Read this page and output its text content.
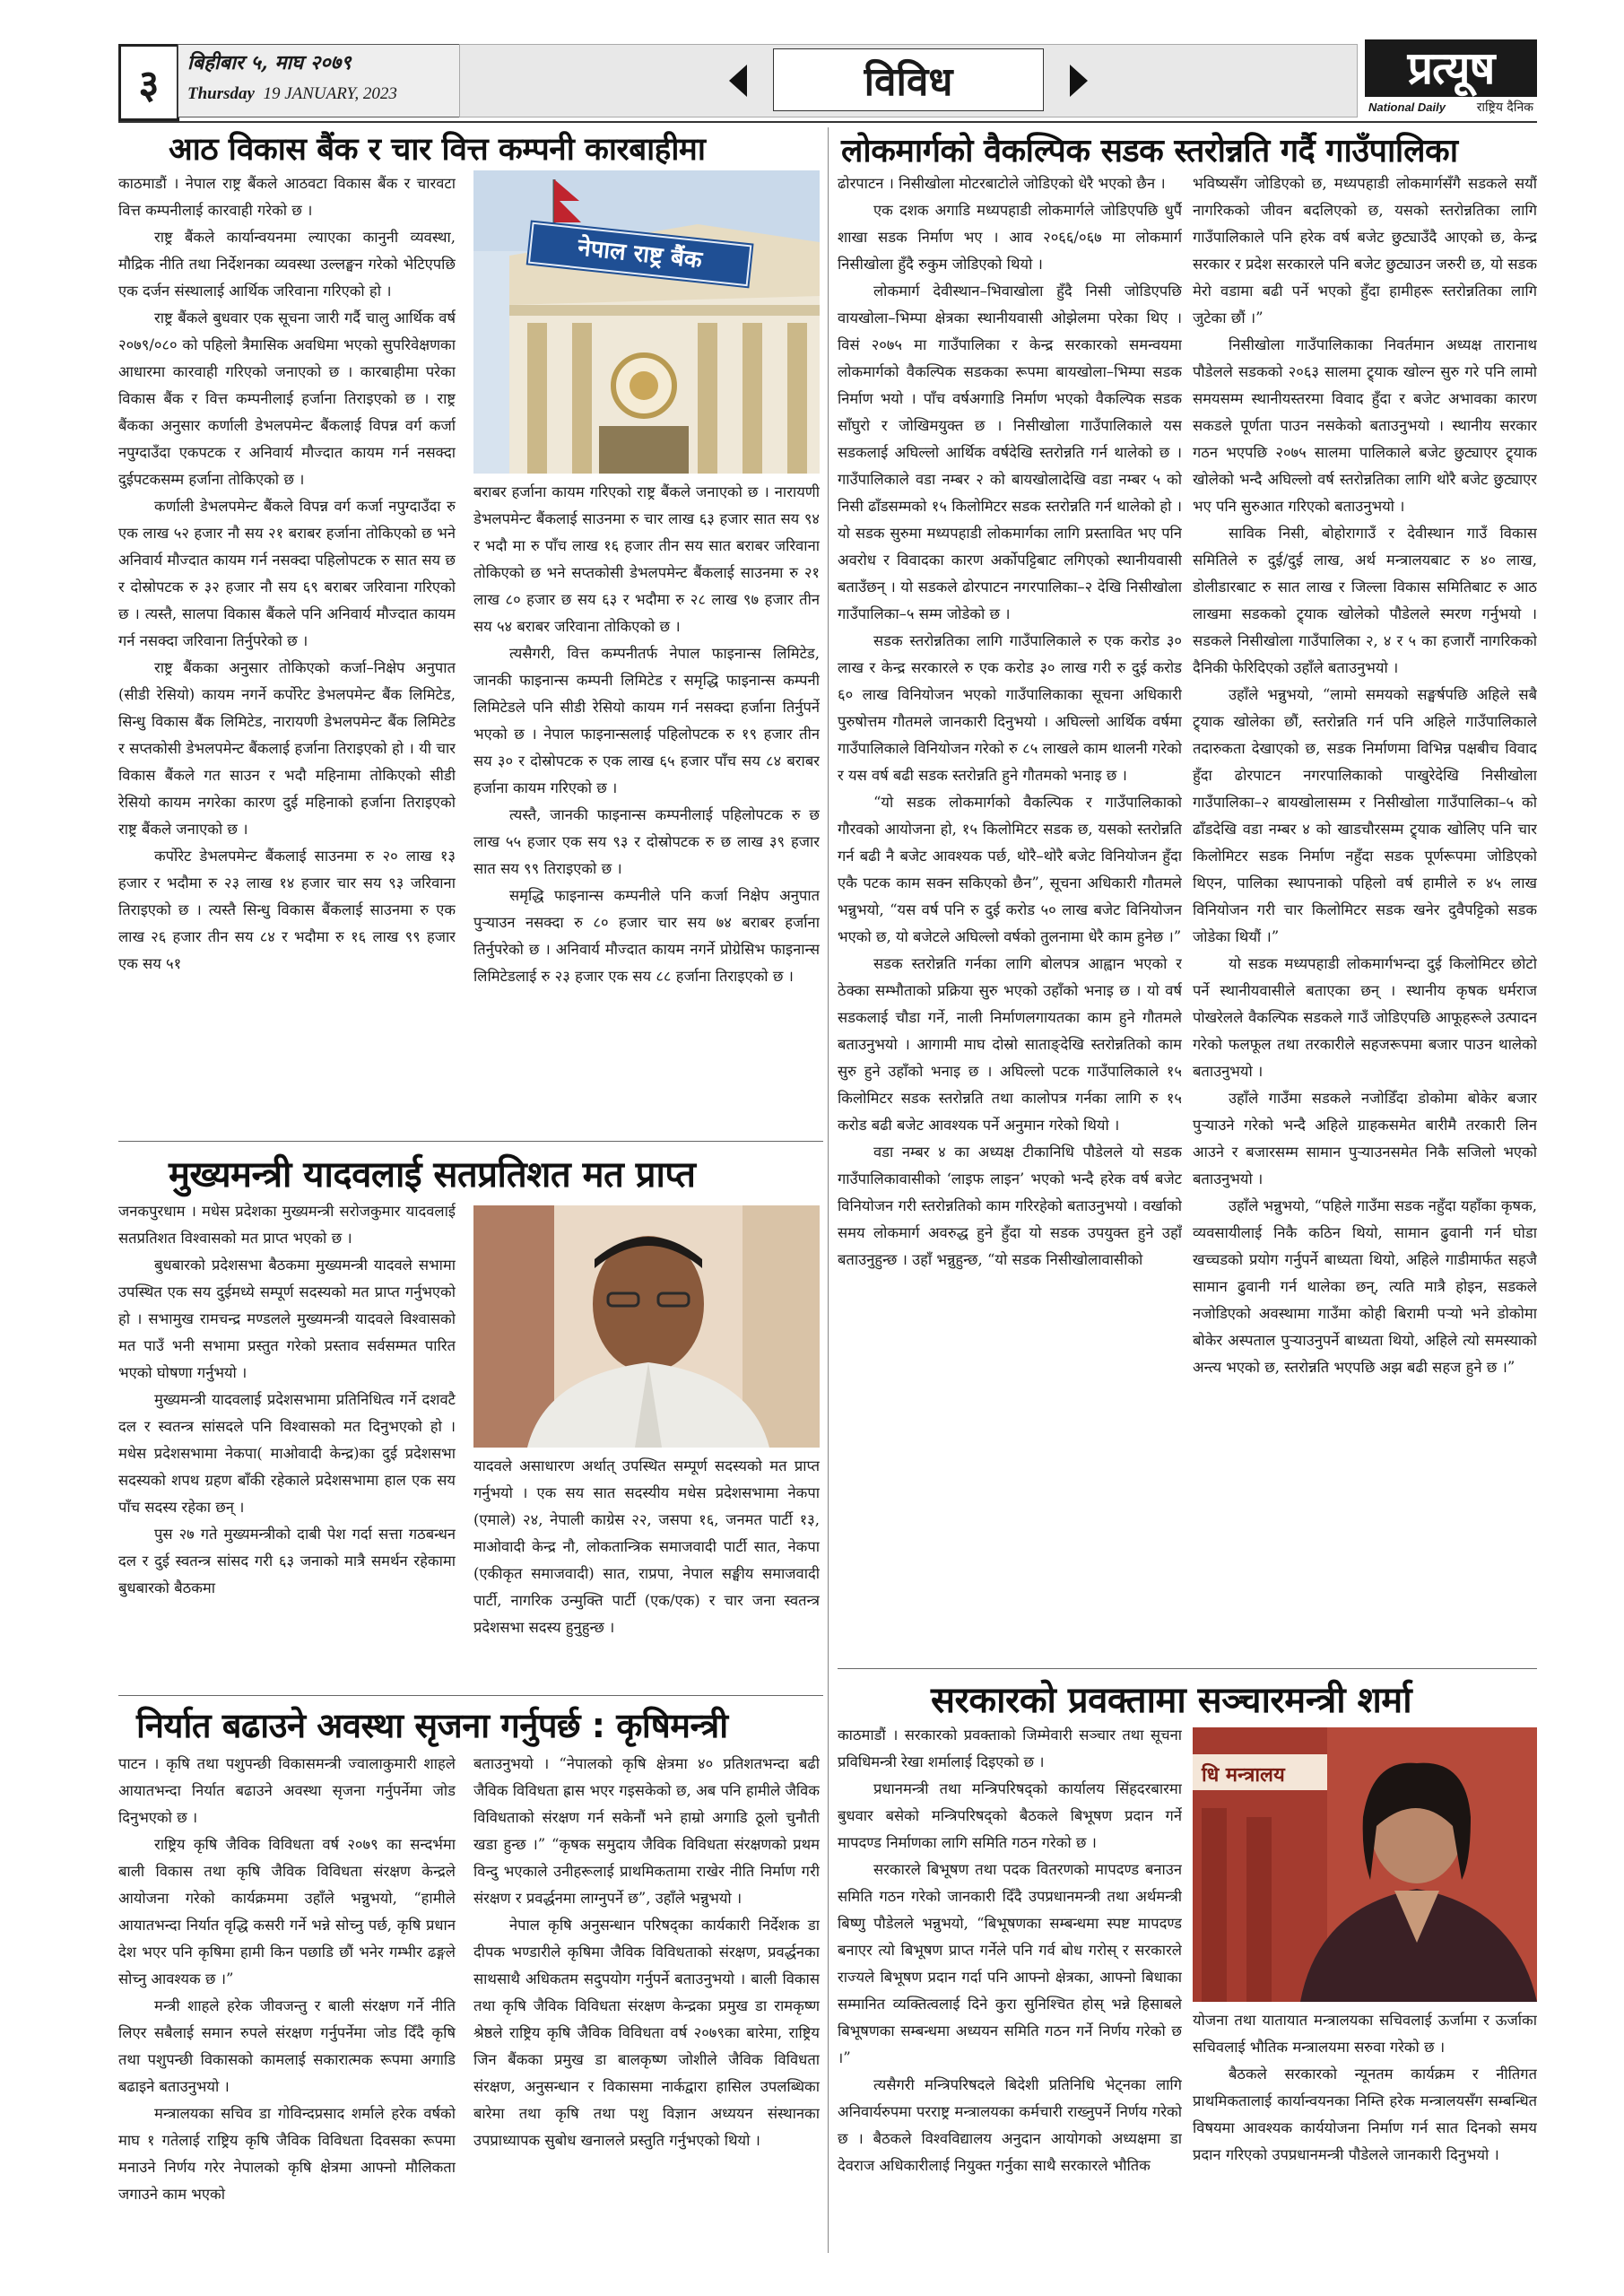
३	बिहीबार ५, माघ २०७९
Thursday 19 JANUARY, 2023	विविध	प्रत्यूष
National Daily राष्ट्रिय दैनिक
आठ विकास बैंक र चार वित्त कम्पनी कारबाहीमा

काठमाडौं । नेपाल राष्ट्र बैंकले आठवटा विकास बैंक र चारवटा वित्त कम्पनीलाई कारवाही गरेको छ ।

राष्ट्र बैंकले कार्यान्वयनमा ल्याएका कानुनी व्यवस्था, मौद्रिक नीति तथा निर्देशनका व्यवस्था उल्लङ्घन गरेको भेटिएपछि एक दर्जन संस्थालाई आर्थिक जरिवाना गरिएको हो ।

राष्ट्र बैंकले बुधवार एक सूचना जारी गर्दै चालु आर्थिक वर्ष २०७९/०८० को पहिलो त्रैमासिक अवधिमा भएको सुपरिवेक्षणका आधारमा कारवाही गरिएको जनाएको छ । कारबाहीमा परेका विकास बैंक र वित्त कम्पनीलाई हर्जाना तिराइएको छ । राष्ट्र बैंकका अनुसार कर्णाली डेभलपमेन्ट बैंकलाई विपन्न वर्ग कर्जा नपुग्दाउँदा एकपटक र अनिवार्य मौज्दात कायम गर्न नसक्दा दुईपटकसम्म हर्जाना तोकिएको छ ।

कर्णाली डेभलपमेन्ट बैंकले विपन्न वर्ग कर्जा नपुग्दाउँदा रु एक लाख ५२ हजार नौ सय २१ बराबर हर्जाना तोकिएको छ भने अनिवार्य मौज्दात कायम गर्न नसक्दा पहिलोपटक रु सात सय छ र दोस्रोपटक रु ३२ हजार नौ सय ६९ बराबर जरिवाना गरिएको छ । त्यस्तै, सालपा विकास बैंकले पनि अनिवार्य मौज्दात कायम गर्न नसक्दा जरिवाना तिर्नुपरेको छ ।

राष्ट्र बैंकका अनुसार तोकिएको कर्जा–निक्षेप अनुपात (सीडी रेसियो) कायम नगर्ने कर्पोरेट डेभलपमेन्ट बैंक लिमिटेड, सिन्धु विकास बैंक लिमिटेड, नारायणी डेभलपमेन्ट बैंक लिमिटेड र सप्तकोसी डेभलपमेन्ट बैंकलाई हर्जाना तिराइएको हो । यी चार विकास बैंकले गत साउन र भदौ महिनामा तोकिएको सीडी रेसियो कायम नगरेका कारण दुई महिनाको हर्जाना तिराइएको राष्ट्र बैंकले जनाएको छ ।

कर्पोरेट डेभलपमेन्ट बैंकलाई साउनमा रु २० लाख १३ हजार र भदौमा रु २३ लाख १४ हजार चार सय ९३ जरिवाना तिराइएको छ । त्यस्तै सिन्धु विकास बैंकलाई साउनमा रु एक लाख २६ हजार तीन सय ८४ र भदौमा रु १६ लाख ९९ हजार एक सय ५१

नेपाल राष्ट्र बैंक

बराबर हर्जाना कायम गरिएको राष्ट्र बैंकले जनाएको छ । नारायणी डेभलपमेन्ट बैंकलाई साउनमा रु चार लाख ६३ हजार सात सय ९४ र भदौ मा रु पाँच लाख १६ हजार तीन सय सात बराबर जरिवाना तोकिएको छ भने सप्तकोसी डेभलपमेन्ट बैंकलाई साउनमा रु २१ लाख ८० हजार छ सय ६३ र भदौमा रु २८ लाख ९७ हजार तीन सय ५४ बराबर जरिवाना तोकिएको छ ।

त्यसैगरी, वित्त कम्पनीतर्फ नेपाल फाइनान्स लिमिटेड, जानकी फाइनान्स कम्पनी लिमिटेड र समृद्धि फाइनान्स कम्पनी लिमिटेडले पनि सीडी रेसियो कायम गर्न नसक्दा हर्जाना तिर्नुपर्ने भएको छ । नेपाल फाइनान्सलाई पहिलोपटक रु १९ हजार तीन सय ३० र दोस्रोपटक रु एक लाख ६५ हजार पाँच सय ८४ बराबर हर्जाना कायम गरिएको छ ।

त्यस्तै, जानकी फाइनान्स कम्पनीलाई पहिलोपटक रु छ लाख ५५ हजार एक सय ९३ र दोस्रोपटक रु छ लाख ३९ हजार सात सय ९९ तिराइएको छ ।

समृद्धि फाइनान्स कम्पनीले पनि कर्जा निक्षेप अनुपात पुऱ्याउन नसक्दा रु ८० हजार चार सय ७४ बराबर हर्जाना तिर्नुपरेको छ । अनिवार्य मौज्दात कायम नगर्ने प्रोग्रेसिभ फाइनान्स लिमिटेडलाई रु २३ हजार एक सय ८८ हर्जाना तिराइएको छ ।

मुख्यमन्त्री यादवलाई सतप्रतिशत मत प्राप्त

जनकपुरधाम । मधेस प्रदेशका मुख्यमन्त्री सरोजकुमार यादवलाई सतप्रतिशत विश्वासको मत प्राप्त भएको छ ।

बुधबारको प्रदेशसभा बैठकमा मुख्यमन्त्री यादवले सभामा उपस्थित एक सय दुईमध्ये सम्पूर्ण सदस्यको मत प्राप्त गर्नुभएको हो । सभामुख रामचन्द्र मण्डलले मुख्यमन्त्री यादवले विश्वासको मत पाउँ भनी सभामा प्रस्तुत गरेको प्रस्ताव सर्वसम्मत पारित भएको घोषणा गर्नुभयो ।

मुख्यमन्त्री यादवलाई प्रदेशसभामा प्रतिनिधित्व गर्ने दशवटै दल र स्वतन्त्र सांसदले पनि विश्वासको मत दिनुभएको हो । मधेस प्रदेशसभामा नेकपा( माओवादी केन्द्र)का दुई प्रदेशसभा सदस्यको शपथ ग्रहण बाँकी रहेकाले प्रदेशसभामा हाल एक सय पाँच सदस्य रहेका छन् ।

पुस २७ गते मुख्यमन्त्रीको दाबी पेश गर्दा सत्ता गठबन्धन दल र दुई स्वतन्त्र सांसद गरी ६३ जनाको मात्रै समर्थन रहेकामा बुधबारको बैठकमा

यादवले असाधारण अर्थात् उपस्थित सम्पूर्ण सदस्यको मत प्राप्त गर्नुभयो । एक सय सात सदस्यीय मधेस प्रदेशसभामा नेकपा (एमाले) २४, नेपाली काग्रेस २२, जसपा १६, जनमत पार्टी १३, माओवादी केन्द्र नौ, लोकतान्त्रिक समाजवादी पार्टी सात, नेकपा (एकीकृत समाजवादी) सात, राप्रपा, नेपाल सङ्घीय समाजवादी पार्टी, नागरिक उन्मुक्ति पार्टी (एक/एक) र चार जना स्वतन्त्र प्रदेशसभा सदस्य हुनुहुन्छ ।

निर्यात बढाउने अवस्था सृजना गर्नुपर्छ : कृषिमन्त्री

पाटन । कृषि तथा पशुपन्छी विकासमन्त्री ज्वालाकुमारी शाहले आयातभन्दा निर्यात बढाउने अवस्था सृजना गर्नुपर्नेमा जोड दिनुभएको छ ।

राष्ट्रिय कृषि जैविक विविधता वर्ष २०७९ का सन्दर्भमा बाली विकास तथा कृषि जैविक विविधता संरक्षण केन्द्रले आयोजना गरेको कार्यक्रममा उहाँले भन्नुभयो, “हामीले आयातभन्दा निर्यात वृद्धि कसरी गर्ने भन्ने सोच्नु पर्छ, कृषि प्रधान देश भएर पनि कृषिमा हामी किन पछाडि छौं भनेर गम्भीर ढङ्गले सोच्नु आवश्यक छ ।”

मन्त्री शाहले हरेक जीवजन्तु र बाली संरक्षण गर्ने नीति लिएर सबैलाई समान रुपले संरक्षण गर्नुपर्नेमा जोड दिँदै कृषि तथा पशुपन्छी विकासको कामलाई सकारात्मक रूपमा अगाडि बढाइने बताउनुभयो ।

मन्त्रालयका सचिव डा गोविन्दप्रसाद शर्माले हरेक वर्षको माघ १ गतेलाई राष्ट्रिय कृषि जैविक विविधता दिवसका रूपमा मनाउने निर्णय गरेर नेपालको कृषि क्षेत्रमा आफ्नो मौलिकता जगाउने काम भएको

बताउनुभयो । “नेपालको कृषि क्षेत्रमा ४० प्रतिशतभन्दा बढी जैविक विविधता ह्रास भएर गइसकेको छ, अब पनि हामीले जैविक विविधताको संरक्षण गर्न सकेनौं भने हाम्रो अगाडि ठूलो चुनौती खडा हुन्छ ।” “कृषक समुदाय जैविक विविधता संरक्षणको प्रथम विन्दु भएकाले उनीहरूलाई प्राथमिकतामा राखेर नीति निर्माण गरी संरक्षण र प्रवर्द्धनमा लाग्नुपर्ने छ”, उहाँले भन्नुभयो ।

नेपाल कृषि अनुसन्धान परिषद्का कार्यकारी निर्देशक डा दीपक भण्डारीले कृषिमा जैविक विविधताको संरक्षण, प्रवर्द्धनका साथसाथै अधिकतम सदुपयोग गर्नुपर्ने बताउनुभयो । बाली विकास तथा कृषि जैविक विविधता संरक्षण केन्द्रका प्रमुख डा रामकृष्ण श्रेष्ठले राष्ट्रिय कृषि जैविक विविधता वर्ष २०७९का बारेमा, राष्ट्रिय जिन बैंकका प्रमुख डा बालकृष्ण जोशीले जैविक विविधता संरक्षण, अनुसन्धान र विकासमा नार्कद्वारा हासिल उपलब्धिका बारेमा तथा कृषि तथा पशु विज्ञान अध्ययन संस्थानका उपप्राध्यापक सुबोध खनालले प्रस्तुति गर्नुभएको थियो ।

लोकमार्गको वैकल्पिक सडक स्तरोन्नति गर्दै गाउँपालिका

ढोरपाटन । निसीखोला मोटरबाटोले जोडिएको धेरै भएको छैन ।

एक दशक अगाडि मध्यपहाडी लोकमार्गले जोडिएपछि धुर्पै शाखा सडक निर्माण भए । आव २०६६/०६७ मा लोकमार्ग निसीखोला हुँदै रुकुम जोडिएको थियो ।

लोकमार्ग देवीस्थान–भिवाखोला हुँदै निसी जोडिएपछि वायखोला–भिम्पा क्षेत्रका स्थानीयवासी ओझेलमा परेका थिए । विसं २०७५ मा गाउँपालिका र केन्द्र सरकारको समन्वयमा लोकमार्गको वैकल्पिक सडकका रूपमा बायखोला–भिम्पा सडक निर्माण भयो । पाँच वर्षअगाडि निर्माण भएको वैकल्पिक सडक साँघुरो र जोखिमयुक्त छ । निसीखोला गाउँपालिकाले यस सडकलाई अघिल्लो आर्थिक वर्षदेखि स्तरोन्नति गर्न थालेको छ । गाउँपालिकाले वडा नम्बर २ को बायखोलादेखि वडा नम्बर ५ को निसी ढाँडसम्मको १५ किलोमिटर सडक स्तरोन्नति गर्न थालेको हो । यो सडक सुरुमा मध्यपहाडी लोकमार्गका लागि प्रस्तावित भए पनि अवरोध र विवादका कारण अर्कोपट्टिबाट लगिएको स्थानीयवासी बताउँछन् । यो सडकले ढोरपाटन नगरपालिका–२ देखि निसीखोला गाउँपालिका–५ सम्म जोडेको छ ।

सडक स्तरोन्नतिका लागि गाउँपालिकाले रु एक करोड ३० लाख र केन्द्र सरकारले रु एक करोड ३० लाख गरी रु दुई करोड ६० लाख विनियोजन भएको गाउँपालिकाका सूचना अधिकारी पुरुषोत्तम गौतमले जानकारी दिनुभयो । अघिल्लो आर्थिक वर्षमा गाउँपालिकाले विनियोजन गरेको रु ८५ लाखले काम थालनी गरेको र यस वर्ष बढी सडक स्तरोन्नति हुने गौतमको भनाइ छ ।

“यो सडक लोकमार्गको वैकल्पिक र गाउँपालिकाको गौरवको आयोजना हो, १५ किलोमिटर सडक छ, यसको स्तरोन्नति गर्न बढी नै बजेट आवश्यक पर्छ, थोरै–थोरै बजेट विनियोजन हुँदा एकै पटक काम सक्न सकिएको छैन”, सूचना अधिकारी गौतमले भन्नुभयो, “यस वर्ष पनि रु दुई करोड ५० लाख बजेट विनियोजन भएको छ, यो बजेटले अघिल्लो वर्षको तुलनामा धेरै काम हुनेछ ।”

सडक स्तरोन्नति गर्नका लागि बोलपत्र आह्वान भएको र ठेक्का सम्भौताको प्रक्रिया सुरु भएको उहाँको भनाइ छ । यो वर्ष सडकलाई चौडा गर्ने, नाली निर्माणलगायतका काम हुने गौतमले बताउनुभयो । आगामी माघ दोस्रो साताङ्देखि स्तरोन्नतिको काम सुरु हुने उहाँको भनाइ छ । अघिल्लो पटक गाउँपालिकाले १५ किलोमिटर सडक स्तरोन्नति तथा कालोपत्र गर्नका लागि रु १५ करोड बढी बजेट आवश्यक पर्ने अनुमान गरेको थियो ।

वडा नम्बर ४ का अध्यक्ष टीकानिधि पौडेलले यो सडक गाउँपालिकावासीको ‘लाइफ लाइन’ भएको भन्दै हरेक वर्ष बजेट विनियोजन गरी स्तरोन्नतिको काम गरिरहेको बताउनुभयो । वर्खाको समय लोकमार्ग अवरुद्ध हुने हुँदा यो सडक उपयुक्त हुने उहाँ बताउनुहुन्छ । उहाँ भन्नुहुन्छ, “यो सडक निसीखोलावासीको

भविष्यसँग जोडिएको छ, मध्यपहाडी लोकमार्गसँगै सडकले सयौं नागरिकको जीवन बदलिएको छ, यसको स्तरोन्नतिका लागि गाउँपालिकाले पनि हरेक वर्ष बजेट छुट्याउँदै आएको छ, केन्द्र सरकार र प्रदेश सरकारले पनि बजेट छुट्याउन जरुरी छ, यो सडक मेरो वडामा बढी पर्ने भएको हुँदा हामीहरू स्तरोन्नतिका लागि जुटेका छौं ।”

निसीखोला गाउँपालिकाका निवर्तमान अध्यक्ष तारानाथ पौडेलले सडकको २०६३ सालमा ट्र्याक खोल्न सुरु गरे पनि लामो समयसम्म स्थानीयस्तरमा विवाद हुँदा र बजेट अभावका कारण सकडले पूर्णता पाउन नसकेको बताउनुभयो । स्थानीय सरकार गठन भएपछि २०७५ सालमा पालिकाले बजेट छुट्याएर ट्र्याक खोलेको भन्दै अघिल्लो वर्ष स्तरोन्नतिका लागि थोरै बजेट छुट्याएर भए पनि सुरुआत गरिएको बताउनुभयो ।

साविक निसी, बोहोरागाउँ र देवीस्थान गाउँ विकास समितिले रु दुई/दुई लाख, अर्थ मन्त्रालयबाट रु ४० लाख, डोलीडारबाट रु सात लाख र जिल्ला विकास समितिबाट रु आठ लाखमा सडकको ट्र्याक खोलेको पौडेलले स्मरण गर्नुभयो । सडकले निसीखोला गाउँपालिका २, ४ र ५ का हजारौं नागरिकको दैनिकी फेरिदिएको उहाँले बताउनुभयो ।

उहाँले भन्नुभयो, “लामो समयको सङ्घर्षपछि अहिले सबै ट्र्याक खोलेका छौं, स्तरोन्नति गर्न पनि अहिले गाउँपालिकाले तदारुकता देखाएको छ, सडक निर्माणमा विभिन्न पक्षबीच विवाद हुँदा ढोरपाटन नगरपालिकाको पाखुरेदेखि निसीखोला गाउँपालिका–२ बायखोलासम्म र निसीखोला गाउँपालिका–५ को ढाँडदेखि वडा नम्बर ४ को खाडचौरसम्म ट्र्याक खोलिए पनि चार किलोमिटर सडक निर्माण नहुँदा सडक पूर्णरूपमा जोडिएको थिएन, पालिका स्थापनाको पहिलो वर्ष हामीले रु ४५ लाख विनियोजन गरी चार किलोमिटर सडक खनेर दुवैपट्टिको सडक जोडेका थियौं ।”

यो सडक मध्यपहाडी लोकमार्गभन्दा दुई किलोमिटर छोटो पर्ने स्थानीयवासीले बताएका छन् । स्थानीय कृषक धर्मराज पोखरेलले वैकल्पिक सडकले गाउँ जोडिएपछि आफूहरूले उत्पादन गरेको फलफूल तथा तरकारीले सहजरूपमा बजार पाउन थालेको बताउनुभयो ।

उहाँले गाउँमा सडकले नजोडिँदा डोकोमा बोकेर बजार पुऱ्याउने गरेको भन्दै अहिले ग्राहकसमेत बारीमै तरकारी लिन आउने र बजारसम्म सामान पुऱ्याउनसमेत निकै सजिलो भएको बताउनुभयो ।

उहाँले भन्नुभयो, “पहिले गाउँमा सडक नहुँदा यहाँका कृषक, व्यवसायीलाई निकै कठिन थियो, सामान ढुवानी गर्न घोडा खच्चडको प्रयोग गर्नुपर्ने बाध्यता थियो, अहिले गाडीमार्फत सहजै सामान ढुवानी गर्न थालेका छन्, त्यति मात्रै होइन, सडकले नजोडिएको अवस्थामा गाउँमा कोही बिरामी पऱ्यो भने डोकोमा बोकेर अस्पताल पुऱ्याउनुपर्ने बाध्यता थियो, अहिले त्यो समस्याको अन्त्य भएको छ, स्तरोन्नति भएपछि अझ बढी सहज हुने छ ।”

सरकारको प्रवक्तामा सञ्चारमन्त्री शर्मा

काठमाडौं । सरकारको प्रवक्ताको जिम्मेवारी सञ्चार तथा सूचना प्रविधिमन्त्री रेखा शर्मालाई दिइएको छ ।

प्रधानमन्त्री तथा मन्त्रिपरिषद्को कार्यालय सिंहदरबारमा बुधवार बसेको मन्त्रिपरिषद्को बैठकले बिभूषण प्रदान गर्ने मापदण्ड निर्माणका लागि समिति गठन गरेको छ ।

सरकारले बिभूषण तथा पदक वितरणको मापदण्ड बनाउन समिति गठन गरेको जानकारी दिँदै उपप्रधानमन्त्री तथा अर्थमन्त्री बिष्णु पौडेलले भन्नुभयो, “बिभूषणका सम्बन्धमा स्पष्ट मापदण्ड बनाएर त्यो बिभूषण प्राप्त गर्नेले पनि गर्व बोध गरोस् र सरकारले राज्यले बिभूषण प्रदान गर्दा पनि आफ्नो क्षेत्रका, आफ्नो बिधाका सम्मानित व्यक्तित्वलाई दिने कुरा सुनिश्चित होस् भन्ने हिसाबले बिभूषणका सम्बन्धमा अध्ययन समिति गठन गर्ने निर्णय गरेको छ ।”

त्यसैगरी मन्त्रिपरिषदले बिदेशी प्रतिनिधि भेट्नका लागि अनिवार्यरुपमा परराष्ट्र मन्त्रालयका कर्मचारी राख्नुपर्ने निर्णय गरेको छ । बैठकले विश्वविद्यालय अनुदान आयोगको अध्यक्षमा डा देवराज अधिकारीलाई नियुक्त गर्नुका साथै सरकारले भौतिक

धि मन्त्रालय

योजना तथा यातायात मन्त्रालयका सचिवलाई ऊर्जामा र ऊर्जाका सचिवलाई भौतिक मन्त्रालयमा सरुवा गरेको छ ।

बैठकले सरकारको न्यूनतम कार्यक्रम र नीतिगत प्राथमिकतालाई कार्यान्वयनका निम्ति हरेक मन्त्रालयसँग सम्बन्धित विषयमा आवश्यक कार्ययोजना निर्माण गर्न सात दिनको समय प्रदान गरिएको उपप्रधानमन्त्री पौडेलले जानकारी दिनुभयो ।
